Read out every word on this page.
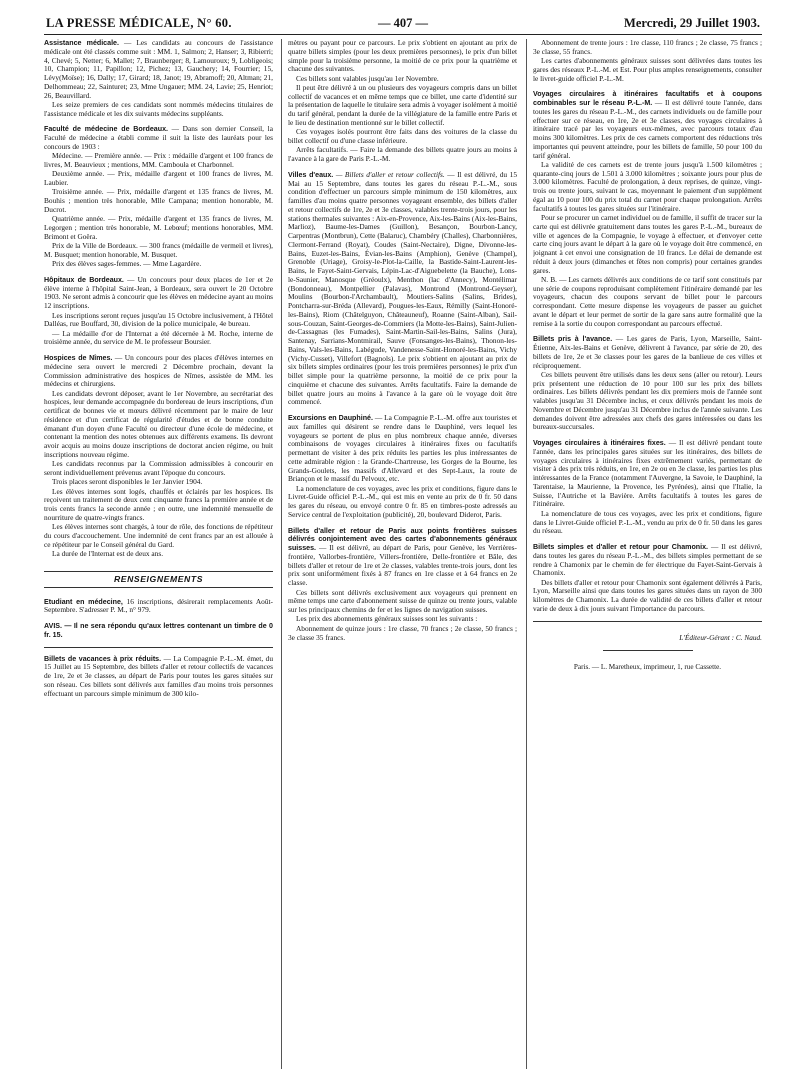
LA PRESSE MÉDICALE, N° 60.	— 407 —	Mercredi, 29 Juillet 1903.

Assistance médicale. — Les candidats au concours de l'assistance médicale ont été classés comme suit : MM. 1, Salmon; 2, Hanser; 3, Ribierri; 4, Chevé; 5, Netter; 6, Mallet; 7, Braunberger; 8, Lamouroux; 9, Lobligeois; 10, Champion; 11, Papillon; 12, Pichez; 13, Gauchery; 14, Fourrier; 15, Lévy(Moïse); 16, Dally; 17, Girard; 18, Janot; 19, Abramoff; 20, Altman; 21, Delhommeau; 22, Sainturet; 23, Mme Ungauer; MM. 24, Lavie; 25, Henriot; 26, Beauvillard.

Les seize premiers de ces candidats sont nommés médecins titulaires de l'assistance médicale et les dix suivants médecins suppléants.

Faculté de médecine de Bordeaux. — Dans son dernier Conseil, la Faculté de médecine a établi comme il suit la liste des lauréats pour les concours de 1903 :

Médecine. — Première année. — Prix : médaille d'argent et 100 francs de livres, M. Beauvieux ; mentions, MM. Cambouła et Charbonnel.

Deuxième année. — Prix, médaille d'argent et 100 francs de livres, M. Laubier.

Troisième année. — Prix, médaille d'argent et 135 francs de livres, M. Bouhis ; mention très honorable, Mlle Campana; mention honorable, M. Ducrot.

Quatrième année. — Prix, médaille d'argent et 135 francs de livres, M. Legorgen ; mention très honorable, M. Lebœuf; mentions honorables, MM. Brimont et Goëra.

Prix de la Ville de Bordeaux. — 300 francs (médaille de vermeil et livres), M. Busquet; mention honorable, M. Busquet.

Prix des élèves sages-femmes. — Mme Lagardère.

Hôpitaux de Bordeaux. — Un concours pour deux places de 1er et 2e élève interne à l'hôpital Saint-Jean, à Bordeaux, sera ouvert le 20 Octobre 1903. Ne seront admis à concourir que les élèves en médecine ayant au moins 12 inscriptions.

Les inscriptions seront reçues jusqu'au 15 Octobre inclusivement, à l'Hôtel Dalléas, rue Bouffard, 30, division de la police municipale, 4e bureau.

— La médaille d'or de l'Internat a été décernée à M. Roche, interne de troisième année, du service de M. le professeur Boursier.

Hospices de Nîmes. — Un concours pour des places d'élèves internes en médecine sera ouvert le mercredi 2 Décembre prochain, devant la Commission administrative des hospices de Nîmes, assistée de MM. les médecins et chirurgiens.

Les candidats devront déposer, avant le 1er Novembre, au secrétariat des hospices, leur demande accompagnée du bordereau de leurs inscriptions, d'un certificat de bonnes vie et mœurs délivré récemment par le maire de leur résidence et d'un certificat de régularité d'études et de bonne conduite émanant d'un doyen d'une Faculté ou directeur d'une école de médecine, et contenant la mention des notes obtenues aux différents examens. Ils devront avoir acquis au moins douze inscriptions de doctorat ancien régime, ou huit inscriptions nouveau régime.

Les candidats reconnus par la Commission admissibles à concourir en seront individuellement prévenus avant l'époque du concours.

Trois places seront disponibles le 1er Janvier 1904.

Les élèves internes sont logés, chauffés et éclairés par les hospices. Ils reçoivent un traitement de deux cent cinquante francs la première année et de trois cents francs la seconde année ; en outre, une indemnité mensuelle de nourriture de quatre-vingts francs.

Les élèves internes sont chargés, à tour de rôle, des fonctions de répétiteur du cours d'accouchement. Une indemnité de cent francs par an est allouée à ce répétiteur par le Conseil général du Gard.

La durée de l'Internat est de deux ans.

RENSEIGNEMENTS

Etudiant en médecine, 16 inscriptions, désirerait remplacements Août-Septembre. S'adresser P. M., n° 979.

AVIS. — Il ne sera répondu qu'aux lettres contenant un timbre de 0 fr. 15.

Billets de vacances à prix réduits. — La Compagnie P.-L.-M. émet, du 15 Juillet au 15 Septembre, des billets d'aller et retour collectifs de vacances de 1re, 2e et 3e classes, au départ de Paris pour toutes les gares situées sur son réseau. Ces billets sont délivrés aux familles d'au moins trois personnes effectuant un parcours simple minimum de 300 kilo-

mètres ou payant pour ce parcours. Le prix s'obtient en ajoutant au prix de quatre billets simples (pour les deux premières personnes), le prix d'un billet simple pour la troisième personne, la moitié de ce prix pour la quatrième et chacune des suivantes.

Ces billets sont valables jusqu'au 1er Novembre.

Il peut être délivré à un ou plusieurs des voyageurs compris dans un billet collectif de vacances et en même temps que ce billet, une carte d'identité sur la présentation de laquelle le titulaire sera admis à voyager isolément à moitié du tarif général, pendant la durée de la villégiature de la famille entre Paris et le lieu de destination mentionné sur le billet collectif.

Ces voyages isolés pourront être faits dans des voitures de la classe du billet collectif ou d'une classe inférieure.

Arrêts facultatifs. — Faire la demande des billets quatre jours au moins à l'avance à la gare de Paris P.-L.-M.

Villes d'eaux. — Billets d'aller et retour collectifs. — Il est délivré, du 15 Mai au 15 Septembre, dans toutes les gares du réseau P.-L.-M., sous condition d'effectuer un parcours simple minimum de 150 kilomètres, aux familles d'au moins quatre personnes voyageant ensemble, des billets d'aller et retour collectifs de 1re, 2e et 3e classes, valables trente-trois jours, pour les stations thermales suivantes : Aix-en-Provence, Aix-les-Bains (Aix-les-Bains, Marlioz), Baume-les-Dames (Guillon), Besançon, Bourbon-Lancy, Carpentras (Montbrun), Cette (Balaruc), Chambéry (Challes), Charbonnières, Clermont-Ferrand (Royat), Coudes (Saint-Nectaire), Digne, Divonne-les-Bains, Euzet-les-Bains, Évian-les-Bains (Amphion), Genève (Champel), Grenoble (Uriage), Groisy-le-Plot-la-Caille, la Bastide-Saint-Laurent-les-Bains, le Fayet-Saint-Gervais, Lépin-Lac-d'Aiguebelette (la Bauche), Lons-le-Saunier, Manosque (Gréoulx), Menthon (lac d'Annecy), Montélimar (Bondonneau), Montpellier (Palavas), Montrond (Montrond-Geyser), Moulins (Bourbon-l'Archambault), Moutiers-Salins (Salins, Brides), Pontcharra-sur-Bréda (Allevard), Pougues-les-Eaux, Rémilly (Saint-Honoré-les-Bains), Riom (Châtelguyon, Châteauneuf), Roanne (Saint-Alban), Sail-sous-Couzan, Saint-Georges-de-Commiers (la Motte-les-Bains), Saint-Julien-de-Cassagnas (les Fumades), Saint-Martin-Sail-les-Bains, Salins (Jura), Santenay, Sarrians-Montmirail, Sauve (Fonsanges-les-Bains), Thonon-les-Bains, Vals-les-Bains, Labégude, Vandenesse-Saint-Honoré-les-Bains, Vichy (Vichy-Cusset), Villefort (Bagnols). Le prix s'obtient en ajoutant au prix de six billets simples ordinaires (pour les trois premières personnes) le prix d'un billet simple pour la quatrième personne, la moitié de ce prix pour la cinquième et chacune des suivantes. Arrêts facultatifs. Faire la demande de billet quatre jours au moins à l'avance à la gare où le voyage doit être commencé.

Excursions en Dauphiné. — La Compagnie P.-L.-M. offre aux touristes et aux familles qui désirent se rendre dans le Dauphiné, vers lequel les voyageurs se portent de plus en plus nombreux chaque année, diverses combinaisons de voyages circulaires à itinéraires fixes ou facultatifs permettant de visiter à des prix réduits les parties les plus intéressantes de cette admirable région : la Grande-Chartreuse, les Gorges de la Bourne, les Grands-Goulets, les massifs d'Allevard et des Sept-Laux, la route de Briançon et le massif du Pelvoux, etc.

La nomenclature de ces voyages, avec les prix et conditions, figure dans le Livret-Guide officiel P.-L.-M., qui est mis en vente au prix de 0 fr. 50 dans les gares du réseau, ou envoyé contre 0 fr. 85 en timbres-poste adressés au Service central de l'exploitation (publicité), 20, boulevard Diderot, Paris.

Billets d'aller et retour de Paris aux points frontières suisses délivrés conjointement avec des cartes d'abonnements généraux suisses. — Il est délivré, au départ de Paris, pour Genève, les Verrières-frontière, Vallorbes-frontière, Villers-frontière, Delle-frontière et Bâle, des billets d'aller et retour de 1re et 2e classes, valables trente-trois jours, dont les prix sont uniformément fixés à 87 francs en 1re classe et à 64 francs en 2e classe.

Ces billets sont délivrés exclusivement aux voyageurs qui prennent en même temps une carte d'abonnement suisse de quinze ou trente jours, valable sur les principaux chemins de fer et les lignes de navigation suisses.

Les prix des abonnements généraux suisses sont les suivants :

Abonnement de quinze jours : 1re classe, 70 francs ; 2e classe, 50 francs ; 3e classe 35 francs.

Abonnement de trente jours : 1re classe, 110 francs ; 2e classe, 75 francs ; 3e classe, 55 francs.

Les cartes d'abonnements généraux suisses sont délivrées dans toutes les gares des réseaux P.-L.-M. et Est. Pour plus amples renseignements, consulter le livret-guide officiel P.-L.-M.

Voyages circulaires à itinéraires facultatifs et à coupons combinables sur le réseau P.-L.-M. — Il est délivré toute l'année, dans toutes les gares du réseau P.-L.-M., des carnets individuels ou de famille pour effectuer sur ce réseau, en 1re, 2e et 3e classes, des voyages circulaires à itinéraire tracé par les voyageurs eux-mêmes, avec parcours totaux d'au moins 300 kilomètres. Les prix de ces carnets comportent des réductions très importantes qui peuvent atteindre, pour les billets de famille, 50 pour 100 du tarif général.

La validité de ces carnets est de trente jours jusqu'à 1.500 kilomètres ; quarante-cinq jours de 1.501 à 3.000 kilomètres ; soixante jours pour plus de 3.000 kilomètres. Faculté de prolongation, à deux reprises, de quinze, vingt-trois ou trente jours, suivant le cas, moyennant le paiement d'un supplément égal au 10 pour 100 du prix total du carnet pour chaque prolongation. Arrêts facultatifs à toutes les gares situées sur l'itinéraire.

Pour se procurer un carnet individuel ou de famille, il suffit de tracer sur la carte qui est délivrée gratuitement dans toutes les gares P.-L.-M., bureaux de ville et agences de la Compagnie, le voyage à effectuer, et d'envoyer cette carte cinq jours avant le départ à la gare où le voyage doit être commencé, en joignant à cet envoi une consignation de 10 francs. Le délai de demande est réduit à deux jours (dimanches et fêtes non compris) pour certaines grandes gares.

N. B. — Les carnets délivrés aux conditions de ce tarif sont constitués par une série de coupons reproduisant complètement l'itinéraire demandé par les voyageurs, chacun des coupons servant de billet pour le parcours correspondant. Cette mesure dispense les voyageurs de passer au guichet avant le départ et leur permet de sortir de la gare sans autre formalité que la remise à la sortie du coupon correspondant au parcours effectué.

Billets pris à l'avance. — Les gares de Paris, Lyon, Marseille, Saint-Étienne, Aix-les-Bains et Genève, délivrent à l'avance, par série de 20, des billets de 1re, 2e et 3e classes pour les gares de la banlieue de ces villes et réciproquement.

Ces billets peuvent être utilisés dans les deux sens (aller ou retour). Leurs prix présentent une réduction de 10 pour 100 sur les prix des billets ordinaires. Les billets délivrés pendant les dix premiers mois de l'année sont valables jusqu'au 31 Décembre inclus, et ceux délivrés pendant les mois de Novembre et Décembre jusqu'au 31 Décembre inclus de l'année suivante. Les demandes doivent être adressées aux chefs des gares intéressées ou dans les bureaux-succursales.

Voyages circulaires à itinéraires fixes. — Il est délivré pendant toute l'année, dans les principales gares situées sur les itinéraires, des billets de voyages circulaires à itinéraires fixes extrêmement variés, permettant de visiter à des prix très réduits, en 1re, en 2e ou en 3e classe, les parties les plus intéressantes de la France (notamment l'Auvergne, la Savoie, le Dauphiné, la Tarentaise, la Maurienne, la Provence, les Pyrénées), ainsi que l'Italie, la Suisse, l'Autriche et la Bavière. Arrêts facultatifs à toutes les gares de l'itinéraire.

La nomenclature de tous ces voyages, avec les prix et conditions, figure dans le Livret-Guide officiel P.-L.-M., vendu au prix de 0 fr. 50 dans les gares du réseau.

Billets simples et d'aller et retour pour Chamonix. — Il est délivré, dans toutes les gares du réseau P.-L.-M., des billets simples permettant de se rendre à Chamonix par le chemin de fer électrique du Fayet-Saint-Gervais à Chamonix.

Des billets d'aller et retour pour Chamonix sont également délivrés à Paris, Lyon, Marseille ainsi que dans toutes les gares situées dans un rayon de 300 kilomètres de Chamonix. La durée de validité de ces billets d'aller et retour varie de deux à dix jours suivant l'importance du parcours.

L'Éditeur-Gérant : C. Naud.
Paris. — L. Maretheux, imprimeur, 1, rue Cassette.
